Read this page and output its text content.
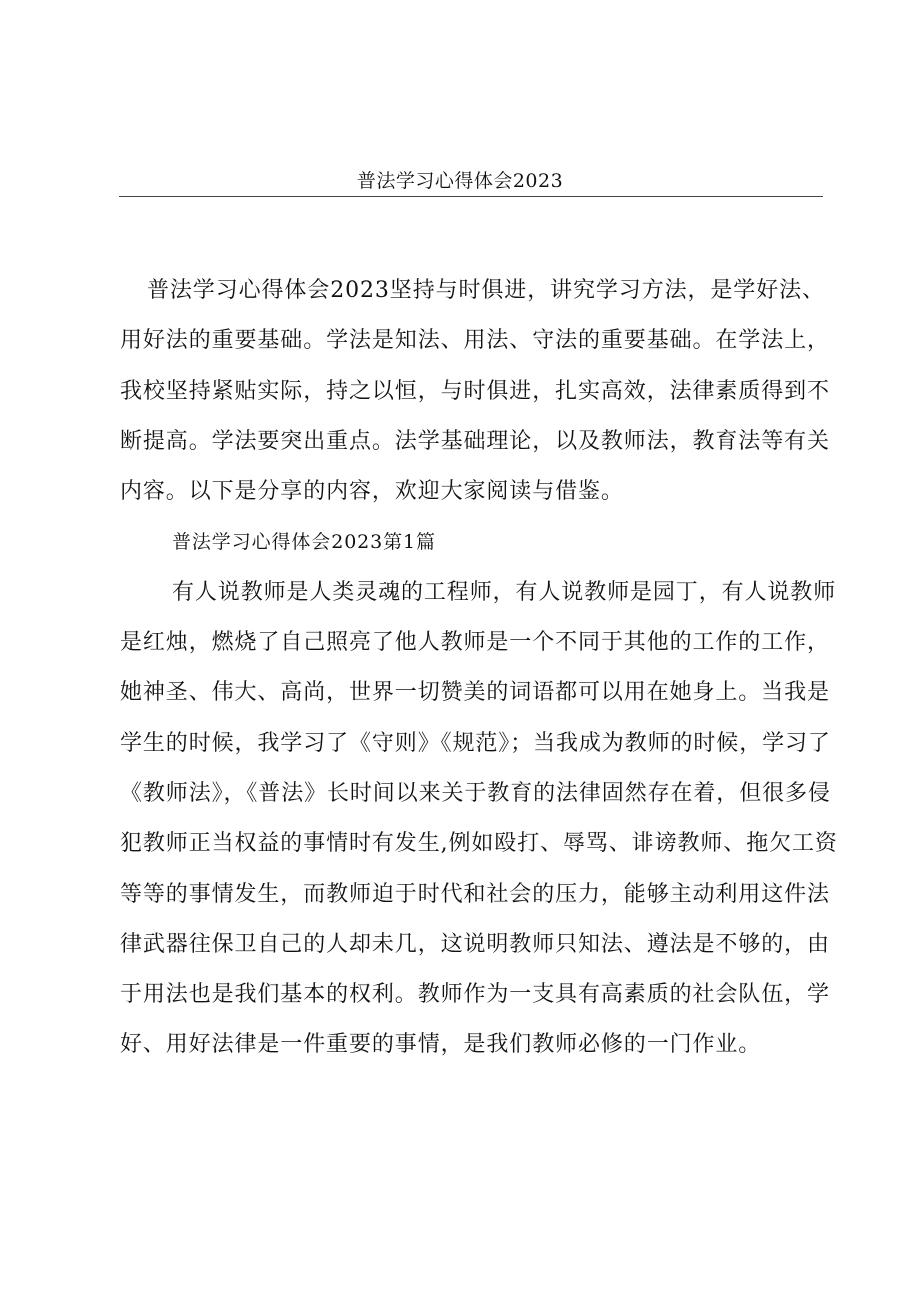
普法学习心得体会2023

普法学习心得体会2023坚持与时俱进，讲究学习方法，是学好法、用好法的重要基础。学法是知法、用法、守法的重要基础。在学法上，我校坚持紧贴实际，持之以恒，与时俱进，扎实高效，法律素质得到不断提高。学法要突出重点。法学基础理论，以及教师法，教育法等有关内容。以下是分享的内容，欢迎大家阅读与借鉴。

普法学习心得体会2023第1篇

有人说教师是人类灵魂的工程师，有人说教师是园丁，有人说教师是红烛，燃烧了自己照亮了他人教师是一个不同于其他的工作的工作，她神圣、伟大、高尚，世界一切赞美的词语都可以用在她身上。当我是学生的时候，我学习了《守则》《规范》；当我成为教师的时候，学习了《教师法》，《普法》长时间以来关于教育的法律固然存在着，但很多侵犯教师正当权益的事情时有发生,例如殴打、辱骂、诽谤教师、拖欠工资等等的事情发生，而教师迫于时代和社会的压力，能够主动利用这件法律武器往保卫自己的人却未几，这说明教师只知法、遵法是不够的，由于用法也是我们基本的权利。教师作为一支具有高素质的社会队伍，学好、用好法律是一件重要的事情，是我们教师必修的一门作业。
